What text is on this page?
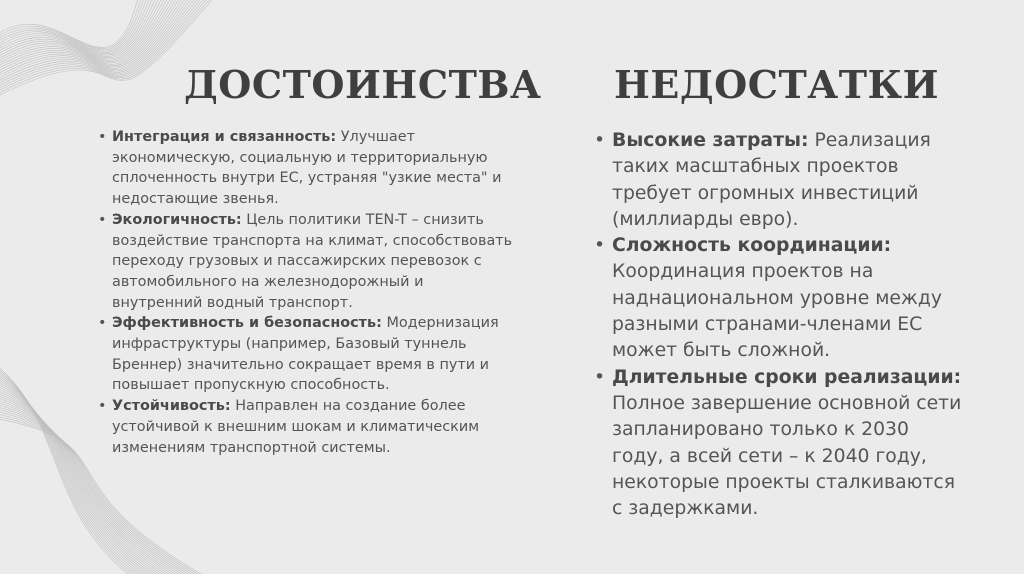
ДОСТОИНСТВА НЕДОСТАТКИ
• Интеграция и связанность: Улучшает экономическую, социальную и территориальную сплоченность внутри ЕС, устраняя "узкие места" и недостающие звенья.
• Экологичность: Цель политики TEN-T – снизить воздействие транспорта на климат, способствовать переходу грузовых и пассажирских перевозок с автомобильного на железнодорожный и внутренний водный транспорт.
• Эффективность и безопасность: Модернизация инфраструктуры (например, Базовый туннель Бреннер) значительно сокращает время в пути и повышает пропускную способность.
• Устойчивость: Направлен на создание более устойчивой к внешним шокам и климатическим изменениям транспортной системы.
• Высокие затраты: Реализация таких масштабных проектов требует огромных инвестиций (миллиарды евро).
• Сложность координации: Координация проектов на наднациональном уровне между разными странами-членами ЕС может быть сложной.
• Длительные сроки реализации: Полное завершение основной сети запланировано только к 2030 году, а всей сети – к 2040 году, некоторые проекты сталкиваются с задержками.
